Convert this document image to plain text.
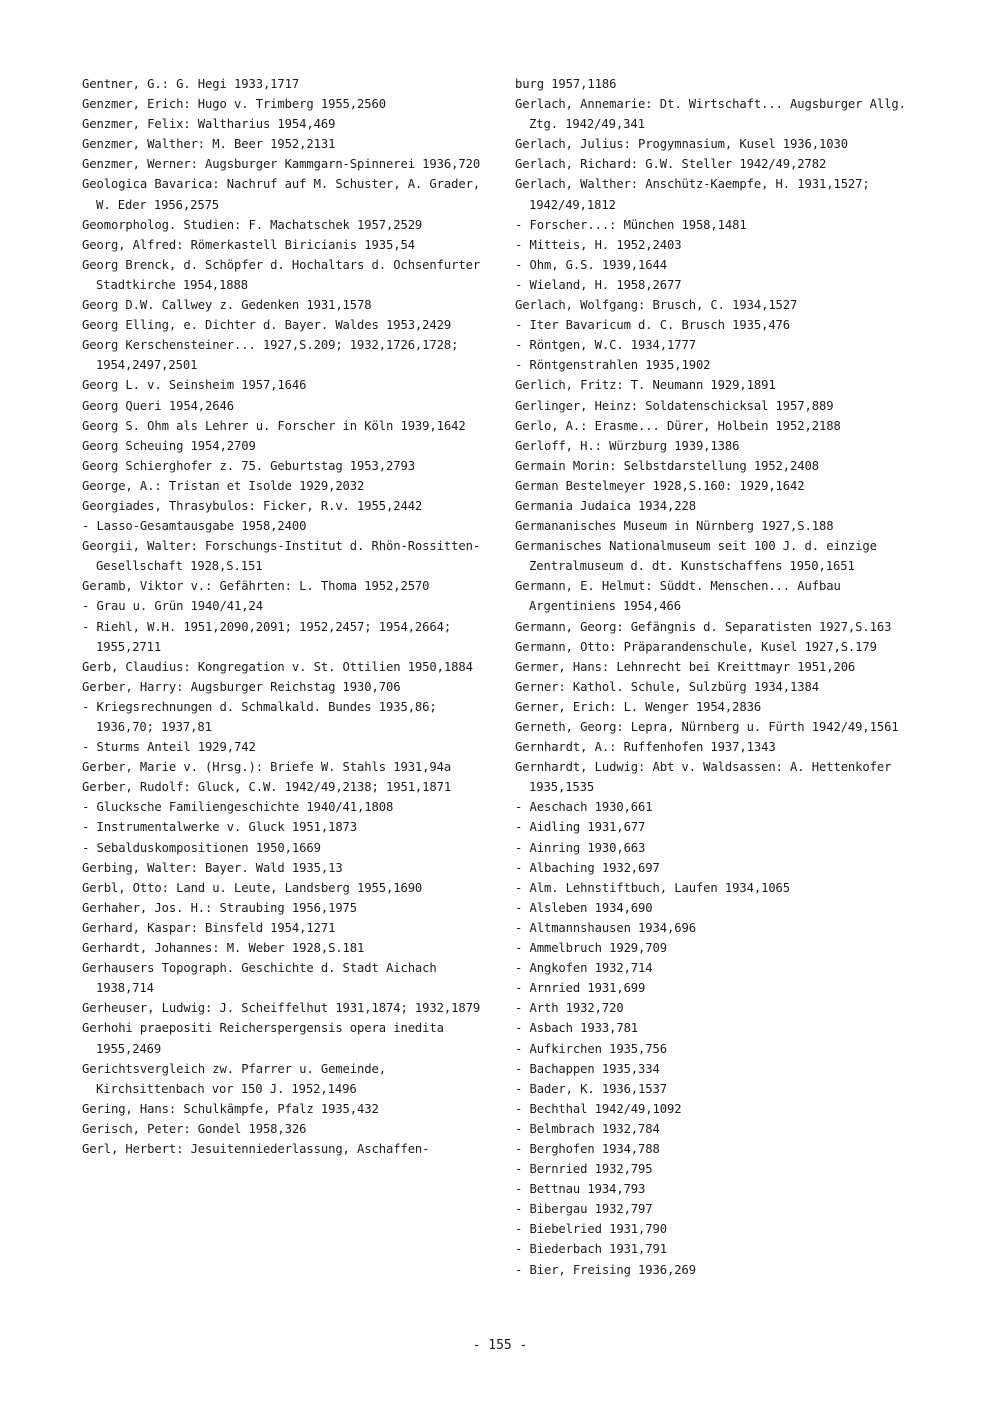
Gentner, G.: G. Hegi 1933,1717
Genzmer, Erich: Hugo v. Trimberg 1955,2560
Genzmer, Felix: Waltharius 1954,469
Genzmer, Walther: M. Beer 1952,2131
Genzmer, Werner: Augsburger Kammgarn-Spinnerei 1936,720
Geologica Bavarica: Nachruf auf M. Schuster, A. Grader, W. Eder 1956,2575
Geomorpholog. Studien: F. Machatschek 1957,2529
Georg, Alfred: Römerkastell Biricianis 1935,54
Georg Brenck, d. Schöpfer d. Hochaltars d. Ochsenfurter Stadtkirche 1954,1888
Georg D.W. Callwey z. Gedenken 1931,1578
Georg Elling, e. Dichter d. Bayer. Waldes 1953,2429
Georg Kerschensteiner... 1927,S.209; 1932,1726,1728; 1954,2497,2501
Georg L. v. Seinsheim 1957,1646
Georg Queri 1954,2646
Georg S. Ohm als Lehrer u. Forscher in Köln 1939,1642
Georg Scheuing 1954,2709
Georg Schierghofer z. 75. Geburtstag 1953,2793
George, A.: Tristan et Isolde 1929,2032
Georgiades, Thrasybulos: Ficker, R.v. 1955,2442
- Lasso-Gesamtausgabe 1958,2400
Georgii, Walter: Forschungs-Institut d. Rhön-Rossitten-Gesellschaft 1928,S.151
Geramb, Viktor v.: Gefährten: L. Thoma 1952,2570
- Grau u. Grün 1940/41,24
- Riehl, W.H. 1951,2090,2091; 1952,2457; 1954,2664; 1955,2711
Gerb, Claudius: Kongregation v. St. Ottilien 1950,1884
Gerber, Harry: Augsburger Reichstag 1930,706
- Kriegsrechnungen d. Schmalkald. Bundes 1935,86; 1936,70; 1937,81
- Sturms Anteil 1929,742
Gerber, Marie v. (Hrsg.): Briefe W. Stahls 1931,94a
Gerber, Rudolf: Gluck, C.W. 1942/49,2138; 1951,1871
- Glucksche Familiengeschichte 1940/41,1808
- Instrumentalwerke v. Gluck 1951,1873
- Sebalduskompositionen 1950,1669
Gerbing, Walter: Bayer. Wald 1935,13
Gerbl, Otto: Land u. Leute, Landsberg 1955,1690
Gerhaher, Jos. H.: Straubing 1956,1975
Gerhard, Kaspar: Binsfeld 1954,1271
Gerhardt, Johannes: M. Weber 1928,S.181
Gerhausers Topograph. Geschichte d. Stadt Aichach 1938,714
Gerheuser, Ludwig: J. Scheiffelhut 1931,1874; 1932,1879
Gerhohi praepositi Reicherspergensis opera inedita 1955,2469
Gerichtsvergleich zw. Pfarrer u. Gemeinde, Kirchsittenbach vor 150 J. 1952,1496
Gering, Hans: Schulkämpfe, Pfalz 1935,432
Gerisch, Peter: Gondel 1958,326
Gerl, Herbert: Jesuitenniederlassung, Aschaffen-
burg 1957,1186
Gerlach, Annemarie: Dt. Wirtschaft... Augsburger Allg. Ztg. 1942/49,341
Gerlach, Julius: Progymnasium, Kusel 1936,1030
Gerlach, Richard: G.W. Steller 1942/49,2782
Gerlach, Walther: Anschütz-Kaempfe, H. 1931,1527; 1942/49,1812
- Forscher...: München 1958,1481
- Mitteis, H. 1952,2403
- Ohm, G.S. 1939,1644
- Wieland, H. 1958,2677
Gerlach, Wolfgang: Brusch, C. 1934,1527
- Iter Bavaricum d. C. Brusch 1935,476
- Röntgen, W.C. 1934,1777
- Röntgenstrahlen 1935,1902
Gerlich, Fritz: T. Neumann 1929,1891
Gerlinger, Heinz: Soldatenschicksal 1957,889
Gerlo, A.: Erasme... Dürer, Holbein 1952,2188
Gerloff, H.: Würzburg 1939,1386
Germain Morin: Selbstdarstellung 1952,2408
German Bestelmeyer 1928,S.160: 1929,1642
Germania Judaica 1934,228
Germananisches Museum in Nürnberg 1927,S.188
Germanisches Nationalmuseum seit 100 J. d. einzige Zentralmuseum d. dt. Kunstschaffens 1950,1651
Germann, E. Helmut: Süddt. Menschen... Aufbau Argentiniens 1954,466
Germann, Georg: Gefängnis d. Separatisten 1927,S.163
Germann, Otto: Präparandenschule, Kusel 1927,S.179
Germer, Hans: Lehnrecht bei Kreittmayr 1951,206
Gerner: Kathol. Schule, Sulzbürg 1934,1384
Gerner, Erich: L. Wenger 1954,2836
Gerneth, Georg: Lepra, Nürnberg u. Fürth 1942/49,1561
Gernhardt, A.: Ruffenhofen 1937,1343
Gernhardt, Ludwig: Abt v. Waldsassen: A. Hettenkofer 1935,1535
- Aeschach 1930,661
- Aidling 1931,677
- Ainring 1930,663
- Albaching 1932,697
- Alm. Lehnstiftbuch, Laufen 1934,1065
- Alsleben 1934,690
- Altmannshausen 1934,696
- Ammelbruch 1929,709
- Angkofen 1932,714
- Arnried 1931,699
- Arth 1932,720
- Asbach 1933,781
- Aufkirchen 1935,756
- Bachappen 1935,334
- Bader, K. 1936,1537
- Bechthal 1942/49,1092
- Belmbrach 1932,784
- Berghofen 1934,788
- Bernried 1932,795
- Bettnau 1934,793
- Bibergau 1932,797
- Biebelried 1931,790
- Biederbach 1931,791
- Bier, Freising 1936,269
- 155 -
